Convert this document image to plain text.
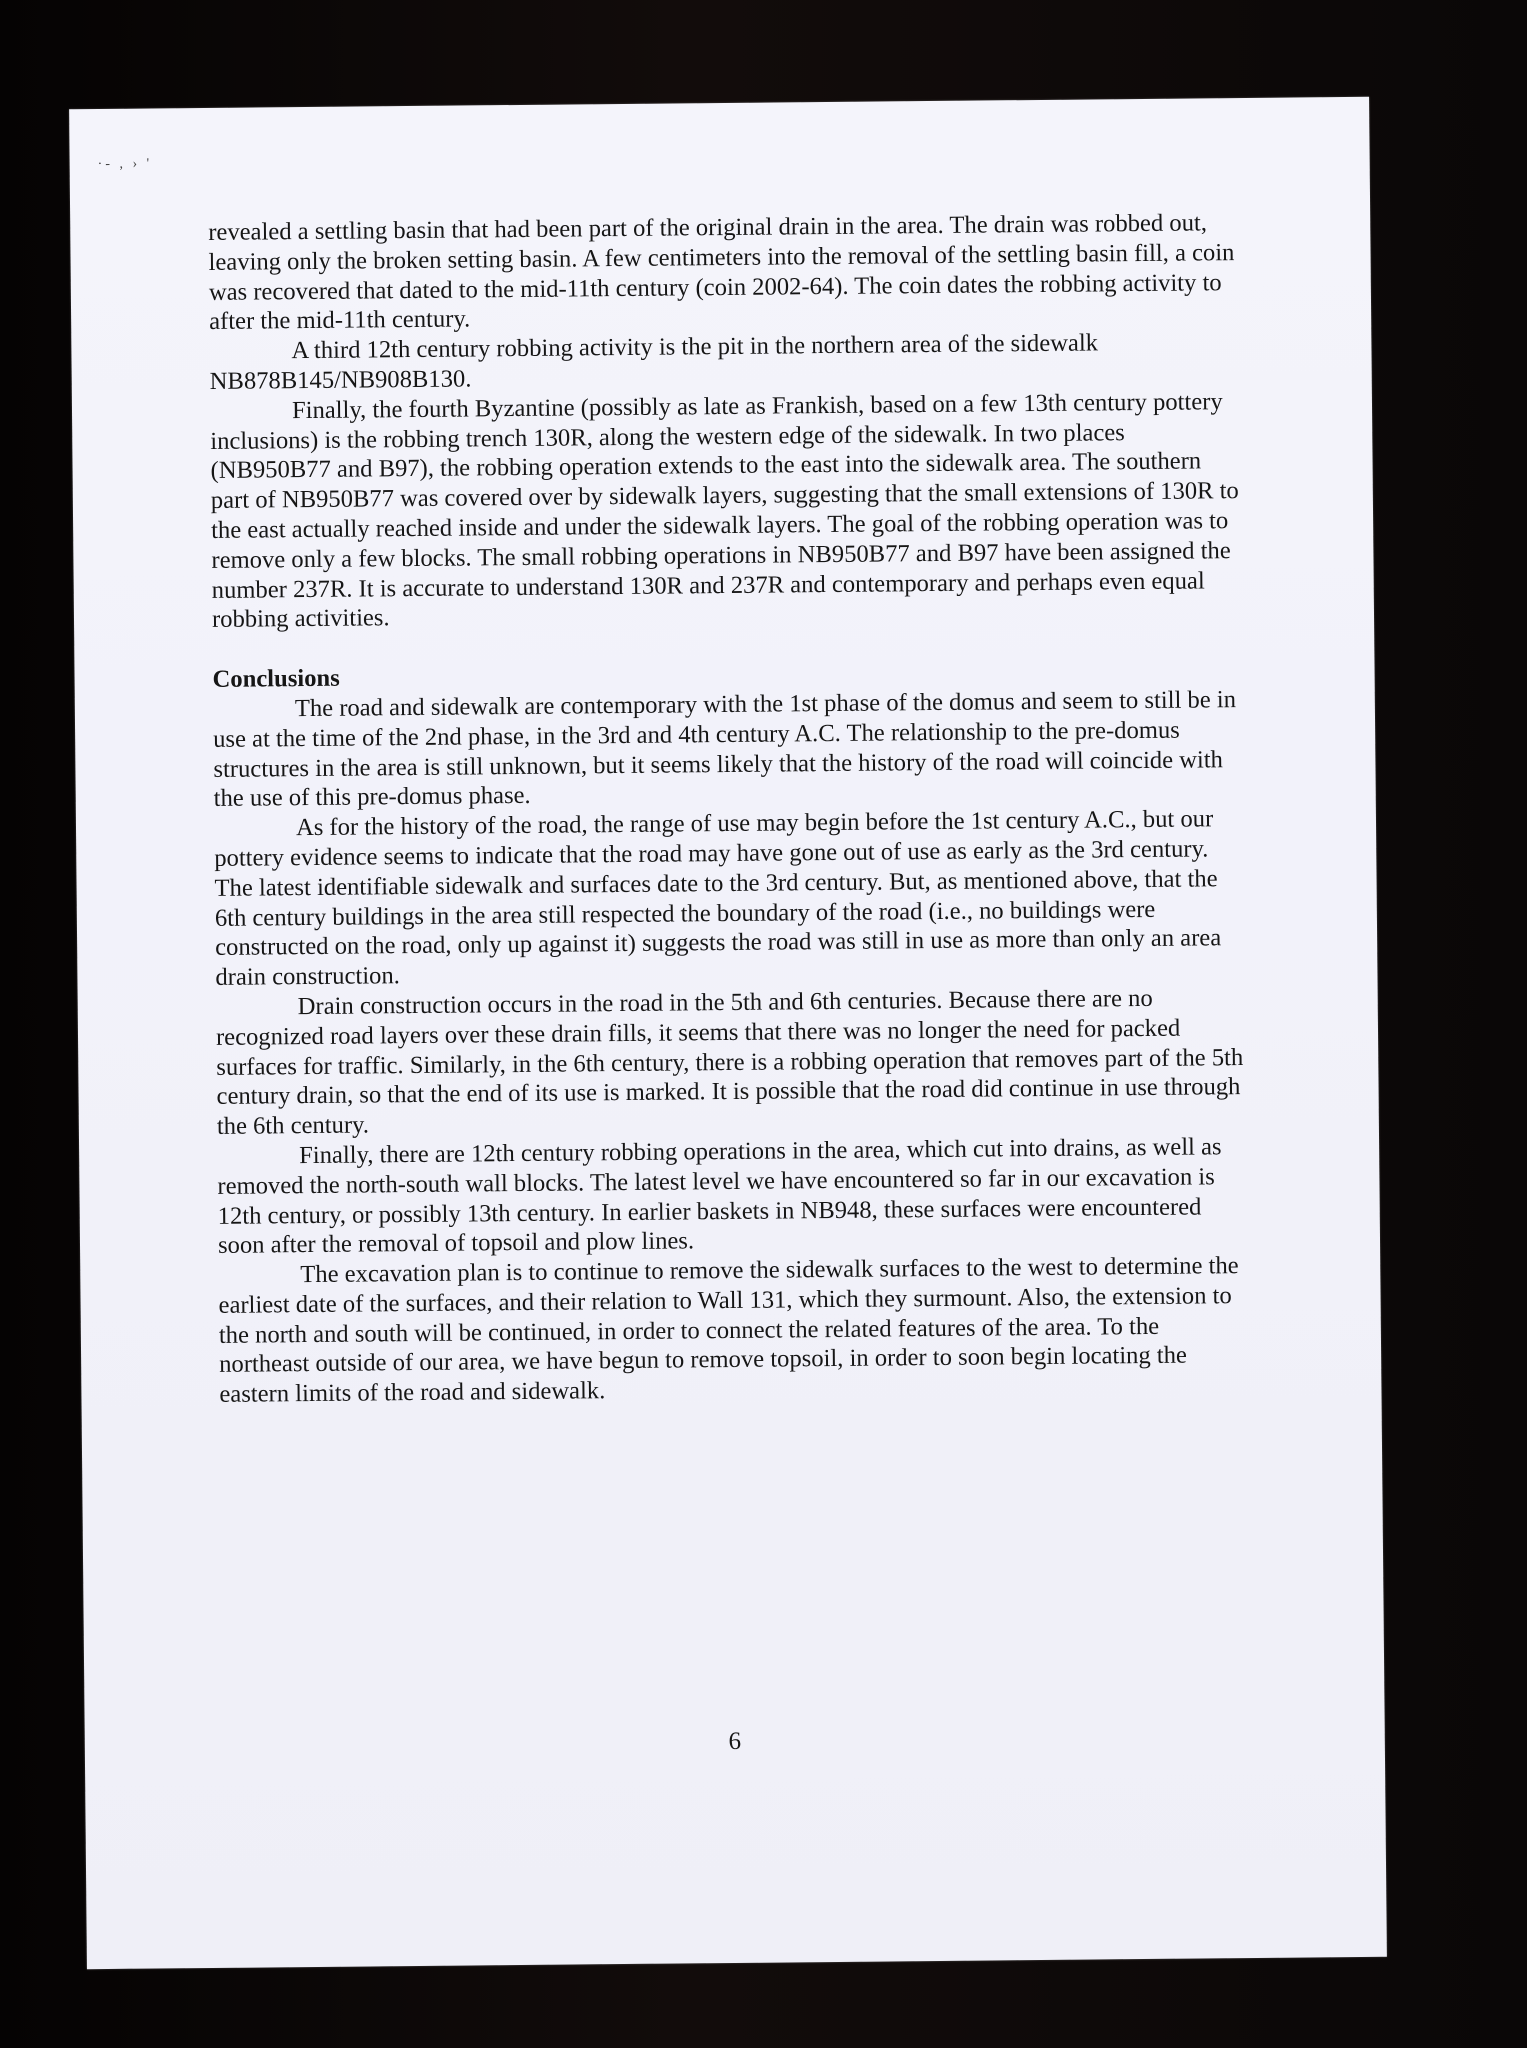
·- , › '

revealed a settling basin that had been part of the original drain in the area. The drain was robbed out, leaving only the broken setting basin. A few centimeters into the removal of the settling basin fill, a coin was recovered that dated to the mid-11th century (coin 2002-64). The coin dates the robbing activity to after the mid-11th century.

A third 12th century robbing activity is the pit in the northern area of the sidewalk NB878B145/NB908B130.

Finally, the fourth Byzantine (possibly as late as Frankish, based on a few 13th century pottery inclusions) is the robbing trench 130R, along the western edge of the sidewalk. In two places (NB950B77 and B97), the robbing operation extends to the east into the sidewalk area. The southern part of NB950B77 was covered over by sidewalk layers, suggesting that the small extensions of 130R to the east actually reached inside and under the sidewalk layers. The goal of the robbing operation was to remove only a few blocks. The small robbing operations in NB950B77 and B97 have been assigned the number 237R. It is accurate to understand 130R and 237R and contemporary and perhaps even equal robbing activities.

Conclusions

The road and sidewalk are contemporary with the 1st phase of the domus and seem to still be in use at the time of the 2nd phase, in the 3rd and 4th century A.C. The relationship to the pre-domus structures in the area is still unknown, but it seems likely that the history of the road will coincide with the use of this pre-domus phase.

As for the history of the road, the range of use may begin before the 1st century A.C., but our pottery evidence seems to indicate that the road may have gone out of use as early as the 3rd century. The latest identifiable sidewalk and surfaces date to the 3rd century. But, as mentioned above, that the 6th century buildings in the area still respected the boundary of the road (i.e., no buildings were constructed on the road, only up against it) suggests the road was still in use as more than only an area drain construction.

Drain construction occurs in the road in the 5th and 6th centuries. Because there are no recognized road layers over these drain fills, it seems that there was no longer the need for packed surfaces for traffic. Similarly, in the 6th century, there is a robbing operation that removes part of the 5th century drain, so that the end of its use is marked. It is possible that the road did continue in use through the 6th century.

Finally, there are 12th century robbing operations in the area, which cut into drains, as well as removed the north-south wall blocks. The latest level we have encountered so far in our excavation is 12th century, or possibly 13th century. In earlier baskets in NB948, these surfaces were encountered soon after the removal of topsoil and plow lines.

The excavation plan is to continue to remove the sidewalk surfaces to the west to determine the earliest date of the surfaces, and their relation to Wall 131, which they surmount. Also, the extension to the north and south will be continued, in order to connect the related features of the area. To the northeast outside of our area, we have begun to remove topsoil, in order to soon begin locating the eastern limits of the road and sidewalk.

6
